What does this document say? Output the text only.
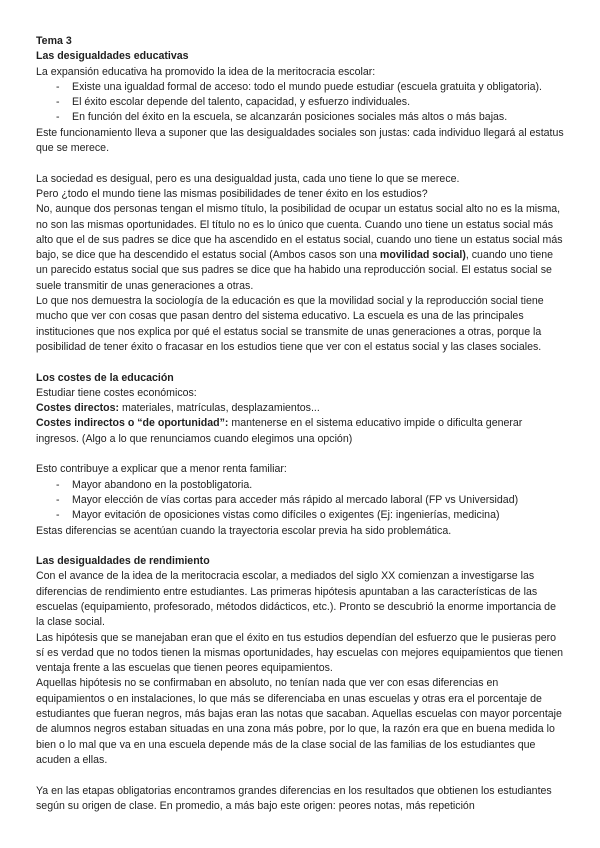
Tema 3

Las desigualdades educativas

La expansión educativa ha promovido la idea de la meritocracia escolar:

- Existe una igualdad formal de acceso: todo el mundo puede estudiar (escuela gratuita y obligatoria).
- El éxito escolar depende del talento, capacidad, y esfuerzo individuales.
- En función del éxito en la escuela, se alcanzarán posiciones sociales más altos o más bajas.

Este funcionamiento lleva a suponer que las desigualdades sociales son justas: cada individuo llegará al estatus que se merece.

La sociedad es desigual, pero es una desigualdad justa, cada uno tiene lo que se merece.

Pero ¿todo el mundo tiene las mismas posibilidades de tener éxito en los estudios?

No, aunque dos personas tengan el mismo título, la posibilidad de ocupar un estatus social alto no es la misma, no son las mismas oportunidades. El título no es lo único que cuenta. Cuando uno tiene un estatus social más alto que el de sus padres se dice que ha ascendido en el estatus social, cuando uno tiene un estatus social más bajo, se dice que ha descendido el estatus social (Ambos casos son una movilidad social), cuando uno tiene un parecido estatus social que sus padres se dice que ha habido una reproducción social. El estatus social se suele transmitir de unas generaciones a otras.

Lo que nos demuestra la sociología de la educación es que la movilidad social y la reproducción social tiene mucho que ver con cosas que pasan dentro del sistema educativo. La escuela es una de las principales instituciones que nos explica por qué el estatus social se transmite de unas generaciones a otras, porque la posibilidad de tener éxito o fracasar en los estudios tiene que ver con el estatus social y las clases sociales.

Los costes de la educación

Estudiar tiene costes económicos:

Costes directos: materiales, matrículas, desplazamientos...

Costes indirectos o “de oportunidad”: mantenerse en el sistema educativo impide o dificulta generar ingresos. (Algo a lo que renunciamos cuando elegimos una opción)

Esto contribuye a explicar que a menor renta familiar:

- Mayor abandono en la postobligatoria.
- Mayor elección de vías cortas para acceder más rápido al mercado laboral (FP vs Universidad)
- Mayor evitación de oposiciones vistas como difíciles o exigentes (Ej: ingenierías, medicina)

Estas diferencias se acentúan cuando la trayectoria escolar previa ha sido problemática.

Las desigualdades de rendimiento

Con el avance de la idea de la meritocracia escolar, a mediados del siglo XX comienzan a investigarse las diferencias de rendimiento entre estudiantes. Las primeras hipótesis apuntaban a las características de las escuelas (equipamiento, profesorado, métodos didácticos, etc.). Pronto se descubrió la enorme importancia de la clase social.

Las hipótesis que se manejaban eran que el éxito en tus estudios dependían del esfuerzo que le pusieras pero sí es verdad que no todos tienen la mismas oportunidades, hay escuelas con mejores equipamientos que tienen ventaja frente a las escuelas que tienen peores equipamientos.

Aquellas hipótesis no se confirmaban en absoluto, no tenían nada que ver con esas diferencias en equipamientos o en instalaciones, lo que más se diferenciaba en unas escuelas y otras era el porcentaje de estudiantes que fueran negros, más bajas eran las notas que sacaban. Aquellas escuelas con mayor porcentaje de alumnos negros estaban situadas en una zona más pobre, por lo que, la razón era que en buena medida lo bien o lo mal que va en una escuela depende más de la clase social de las familias de los estudiantes que acuden a ellas.

Ya en las etapas obligatorias encontramos grandes diferencias en los resultados que obtienen los estudiantes según su origen de clase. En promedio, a más bajo este origen: peores notas, más repetición
